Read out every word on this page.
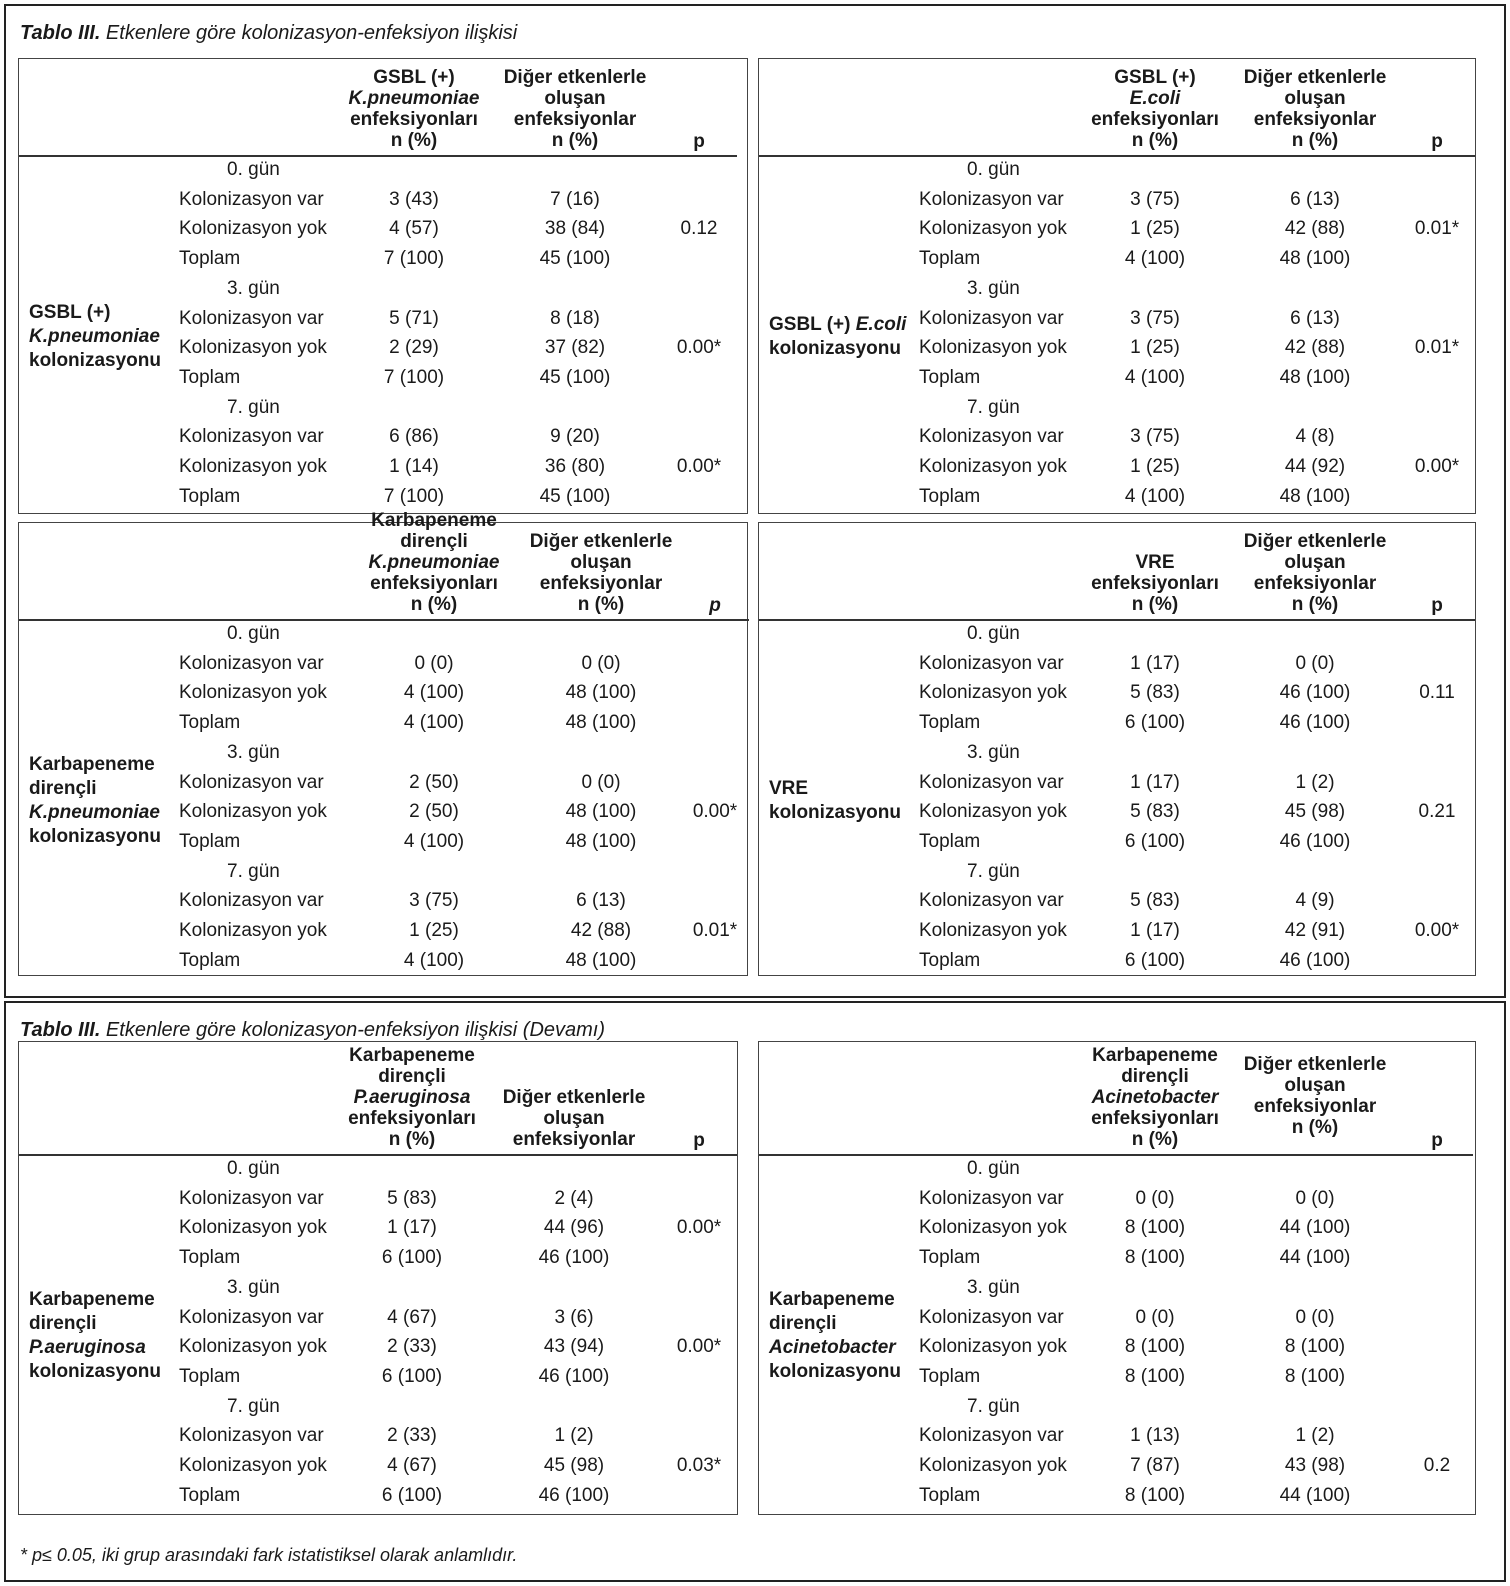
Tablo III. Etkenlere göre kolonizasyon-enfeksiyon ilişkisi
GSBL (+)
K.pneumoniae
enfeksiyonları
n (%)
Diğer etkenlerle
oluşan
enfeksiyonlar
n (%)	p
GSBL (+)
K.pneumoniae
kolonizasyonu
0. gün
Kolonizasyon var	3 (43)	7 (16)
Kolonizasyon yok	4 (57)	38 (84)	0.12
Toplam	7 (100)	45 (100)
3. gün
Kolonizasyon var	5 (71)	8 (18)
Kolonizasyon yok	2 (29)	37 (82)	0.00*
Toplam	7 (100)	45 (100)
7. gün
Kolonizasyon var	6 (86)	9 (20)
Kolonizasyon yok	1 (14)	36 (80)	0.00*
Toplam	7 (100)	45 (100)
GSBL (+)
E.coli
enfeksiyonları
n (%)
Diğer etkenlerle
oluşan
enfeksiyonlar
n (%)	p
GSBL (+) E.coli
kolonizasyonu
0. gün
Kolonizasyon var	3 (75)	6 (13)
Kolonizasyon yok	1 (25)	42 (88)	0.01*
Toplam	4 (100)	48 (100)
3. gün
Kolonizasyon var	3 (75)	6 (13)
Kolonizasyon yok	1 (25)	42 (88)	0.01*
Toplam	4 (100)	48 (100)
7. gün
Kolonizasyon var	3 (75)	4 (8)
Kolonizasyon yok	1 (25)	44 (92)	0.00*
Toplam	4 (100)	48 (100)
Karbapeneme
dirençli
K.pneumoniae
enfeksiyonları
n (%)
Diğer etkenlerle
oluşan
enfeksiyonlar
n (%)	p
Karbapeneme
dirençli
K.pneumoniae
kolonizasyonu
0. gün
Kolonizasyon var	0 (0)	0 (0)
Kolonizasyon yok	4 (100)	48 (100)
Toplam	4 (100)	48 (100)
3. gün
Kolonizasyon var	2 (50)	0 (0)
Kolonizasyon yok	2 (50)	48 (100)	0.00*
Toplam	4 (100)	48 (100)
7. gün
Kolonizasyon var	3 (75)	6 (13)
Kolonizasyon yok	1 (25)	42 (88)	0.01*
Toplam	4 (100)	48 (100)
VRE
enfeksiyonları
n (%)
Diğer etkenlerle
oluşan
enfeksiyonlar
n (%)	p
VRE
kolonizasyonu
0. gün
Kolonizasyon var	1 (17)	0 (0)
Kolonizasyon yok	5 (83)	46 (100)	0.11
Toplam	6 (100)	46 (100)
3. gün
Kolonizasyon var	1 (17)	1 (2)
Kolonizasyon yok	5 (83)	45 (98)	0.21
Toplam	6 (100)	46 (100)
7. gün
Kolonizasyon var	5 (83)	4 (9)
Kolonizasyon yok	1 (17)	42 (91)	0.00*
Toplam	6 (100)	46 (100)
Tablo III. Etkenlere göre kolonizasyon-enfeksiyon ilişkisi (Devamı)
Karbapeneme
dirençli
P.aeruginosa
enfeksiyonları
n (%)
Diğer etkenlerle
oluşan
enfeksiyonlar	p
Karbapeneme
dirençli
P.aeruginosa
kolonizasyonu
0. gün
Kolonizasyon var	5 (83)	2 (4)
Kolonizasyon yok	1 (17)	44 (96)	0.00*
Toplam	6 (100)	46 (100)
3. gün
Kolonizasyon var	4 (67)	3 (6)
Kolonizasyon yok	2 (33)	43 (94)	0.00*
Toplam	6 (100)	46 (100)
7. gün
Kolonizasyon var	2 (33)	1 (2)
Kolonizasyon yok	4 (67)	45 (98)	0.03*
Toplam	6 (100)	46 (100)
Karbapeneme
dirençli
Acinetobacter
enfeksiyonları
n (%)
Diğer etkenlerle
oluşan
enfeksiyonlar
n (%)
p
Karbapeneme
dirençli
Acinetobacter
kolonizasyonu
0. gün
Kolonizasyon var	0 (0)	0 (0)
Kolonizasyon yok	8 (100)	44 (100)
Toplam	8 (100)	44 (100)
3. gün
Kolonizasyon var	0 (0)	0 (0)
Kolonizasyon yok	8 (100)	8 (100)
Toplam	8 (100)	8 (100)
7. gün
Kolonizasyon var	1 (13)	1 (2)
Kolonizasyon yok	7 (87)	43 (98)	0.2
Toplam	8 (100)	44 (100)
* p≤ 0.05, iki grup arasındaki fark istatistiksel olarak anlamlıdır.
